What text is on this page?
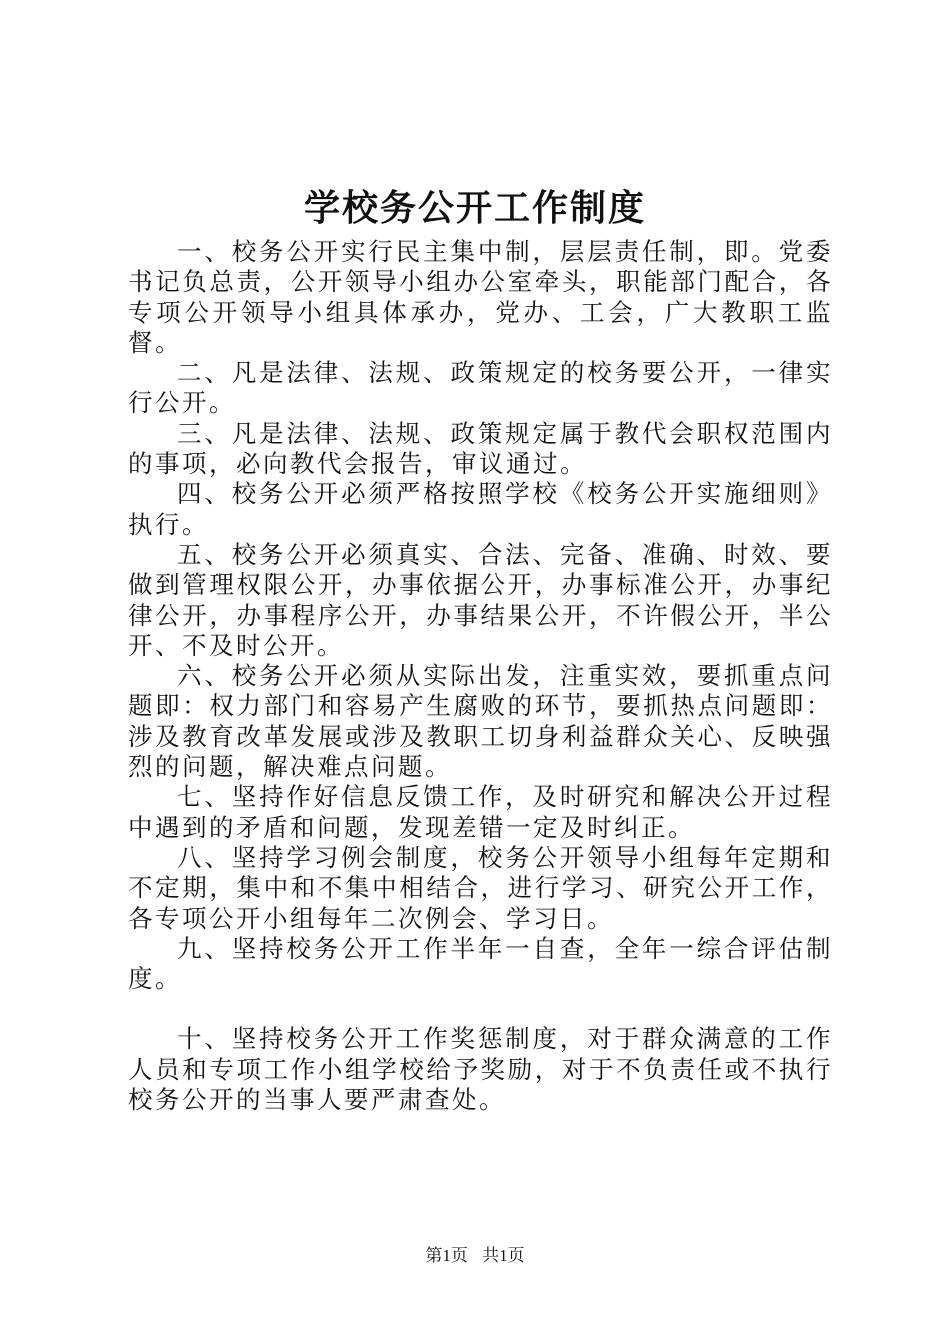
学校务公开工作制度

一、校务公开实行民主集中制，层层责任制，即。党委书记负总责，公开领导小组办公室牵头，职能部门配合，各专项公开领导小组具体承办，党办、工会，广大教职工监督。

二、凡是法律、法规、政策规定的校务要公开，一律实行公开。

三、凡是法律、法规、政策规定属于教代会职权范围内的事项，必向教代会报告，审议通过。

四、校务公开必须严格按照学校《校务公开实施细则》执行。

五、校务公开必须真实、合法、完备、准确、时效、要做到管理权限公开，办事依据公开，办事标准公开，办事纪律公开，办事程序公开，办事结果公开，不许假公开，半公开、不及时公开。

六、校务公开必须从实际出发，注重实效，要抓重点问题即：权力部门和容易产生腐败的环节，要抓热点问题即：涉及教育改革发展或涉及教职工切身利益群众关心、反映强烈的问题，解决难点问题。

七、坚持作好信息反馈工作，及时研究和解决公开过程中遇到的矛盾和问题，发现差错一定及时纠正。

八、坚持学习例会制度，校务公开领导小组每年定期和不定期，集中和不集中相结合，进行学习、研究公开工作，各专项公开小组每年二次例会、学习日。

九、坚持校务公开工作半年一自查，全年一综合评估制度。

十、坚持校务公开工作奖惩制度，对于群众满意的工作人员和专项工作小组学校给予奖励，对于不负责任或不执行校务公开的当事人要严肃查处。

第1页 共1页
